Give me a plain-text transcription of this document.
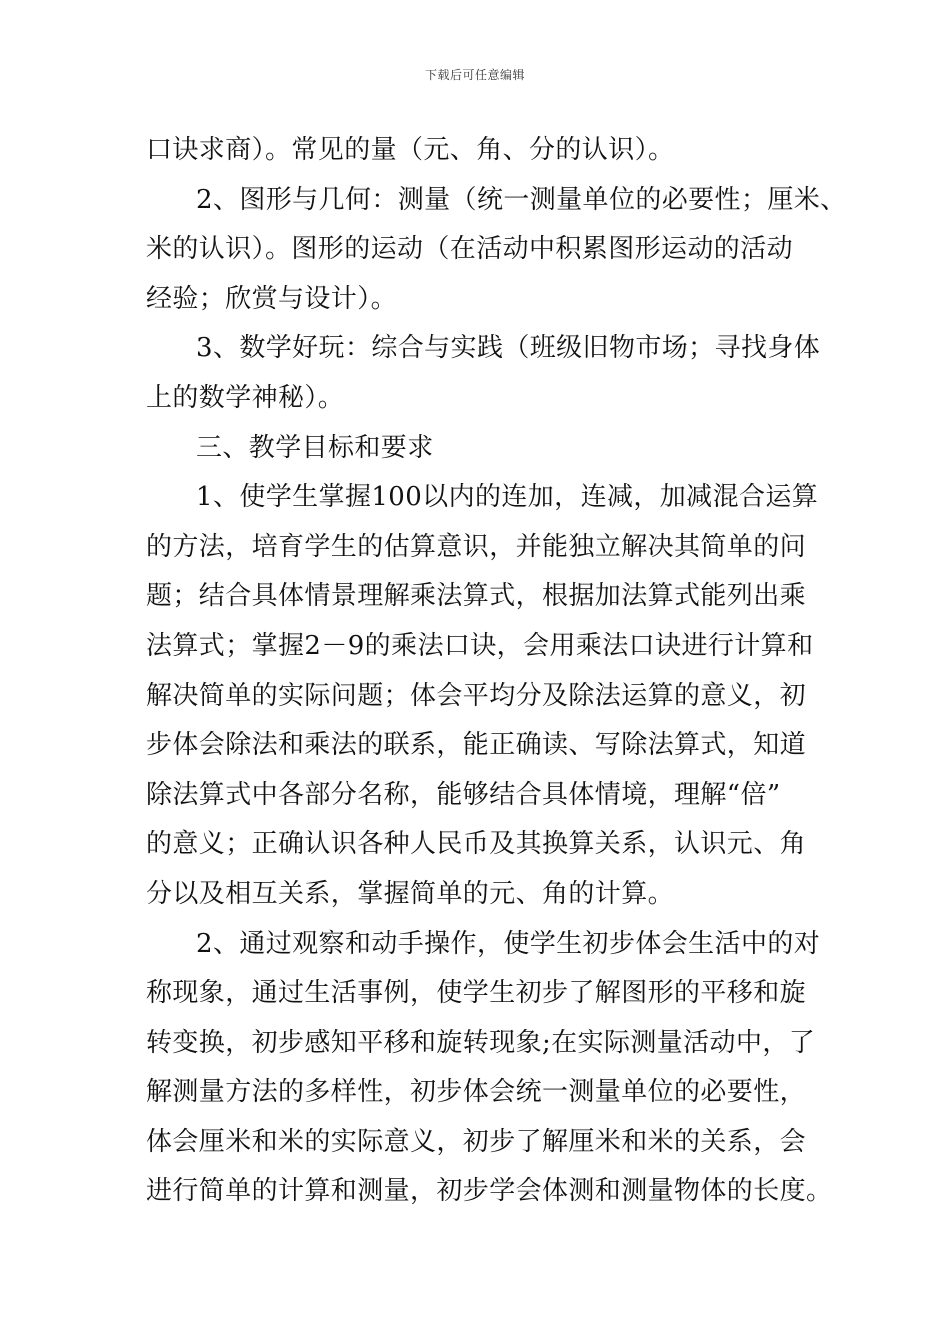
下载后可任意编辑
口诀求商）。常见的量（元、角、分的认识）。
2、图形与几何：测量（统一测量单位的必要性；厘米、
米的认识）。图形的运动（在活动中积累图形运动的活动
经验；欣赏与设计）。
3、数学好玩：综合与实践（班级旧物市场；寻找身体
上的数学神秘）。
三、教学目标和要求
1、使学生掌握100以内的连加，连减，加减混合运算
的方法，培育学生的估算意识，并能独立解决其简单的问
题；结合具体情景理解乘法算式，根据加法算式能列出乘
法算式；掌握2－9的乘法口诀，会用乘法口诀进行计算和
解决简单的实际问题；体会平均分及除法运算的意义，初
步体会除法和乘法的联系，能正确读、写除法算式，知道
除法算式中各部分名称，能够结合具体情境，理解“倍”
的意义；正确认识各种人民币及其换算关系，认识元、角
分以及相互关系，掌握简单的元、角的计算。
2、通过观察和动手操作，使学生初步体会生活中的对
称现象，通过生活事例，使学生初步了解图形的平移和旋
转变换，初步感知平移和旋转现象;在实际测量活动中，了
解测量方法的多样性，初步体会统一测量单位的必要性，
体会厘米和米的实际意义，初步了解厘米和米的关系，会
进行简单的计算和测量，初步学会体测和测量物体的长度。
